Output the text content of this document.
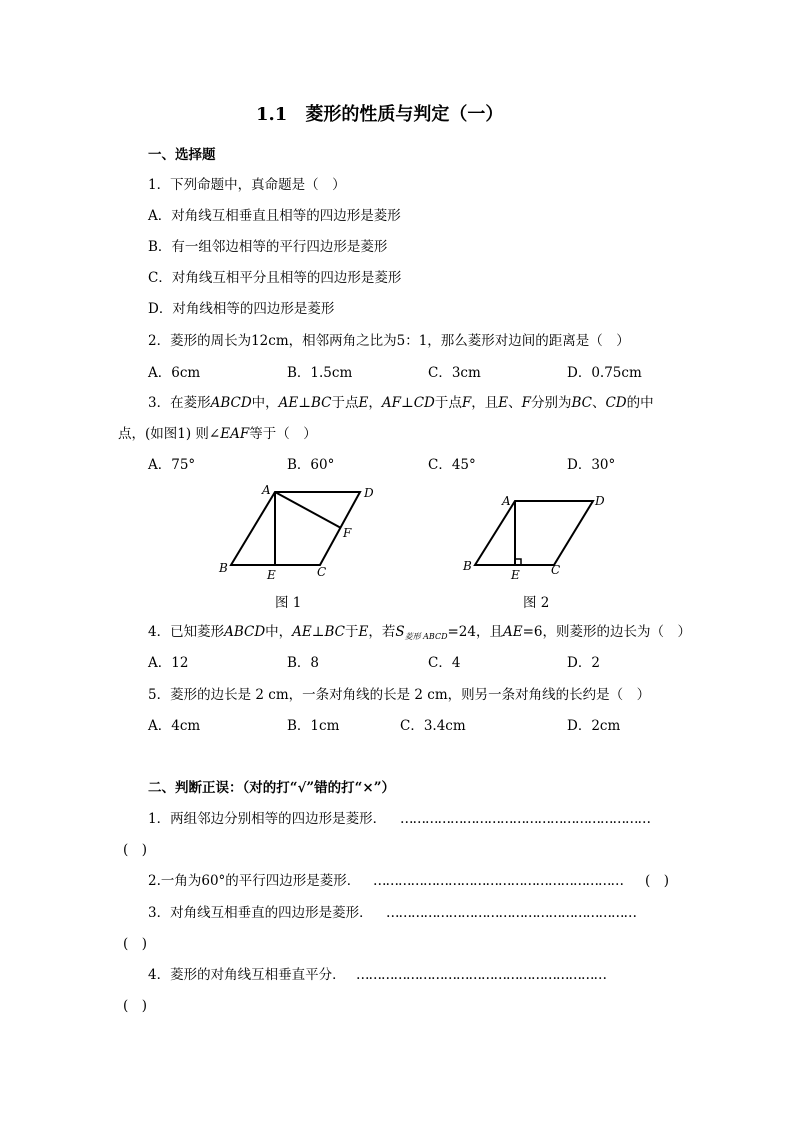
1.1 菱形的性质与判定（一）
一、选择题
1．下列命题中，真命题是（　）
A．对角线互相垂直且相等的四边形是菱形
B．有一组邻边相等的平行四边形是菱形
C．对角线互相平分且相等的四边形是菱形
D．对角线相等的四边形是菱形
2．菱形的周长为12cm，相邻两角之比为5：1，那么菱形对边间的距离是（　）
A．6cm	B．1.5cm	C．3cm	D．0.75cm
3．在菱形ABCD中，AE⊥BC于点E，AF⊥CD于点F，且E、F分别为BC、CD的中
点，(如图1) 则∠EAF等于（　）
A．75°	B．60°	C．45°	D．30°
A	D
F
B	E	C
图 1
A	D
B
E	C
图 2
4．已知菱形ABCD中，AE⊥BC于E，若$S_{菱形 ABCD}=24$，且AE=6，则菱形的边长为（　）
A．12	B．8	C．4	D．2
5．菱形的边长是 2 cm，一条对角线的长是 2 cm，则另一条对角线的长约是（　）
A．4cm	B．1cm	C．3.4cm	D．2cm
二、判断正误：（对的打“√”错的打“×”）
1．两组邻边分别相等的四边形是菱形． ……………………………………………………
(　)
2.一角为60°的平行四边形是菱形． ……………………………………………………	(　)
3．对角线互相垂直的四边形是菱形． ……………………………………………………
(　)
4．菱形的对角线互相垂直平分． ……………………………………………………
(　)
